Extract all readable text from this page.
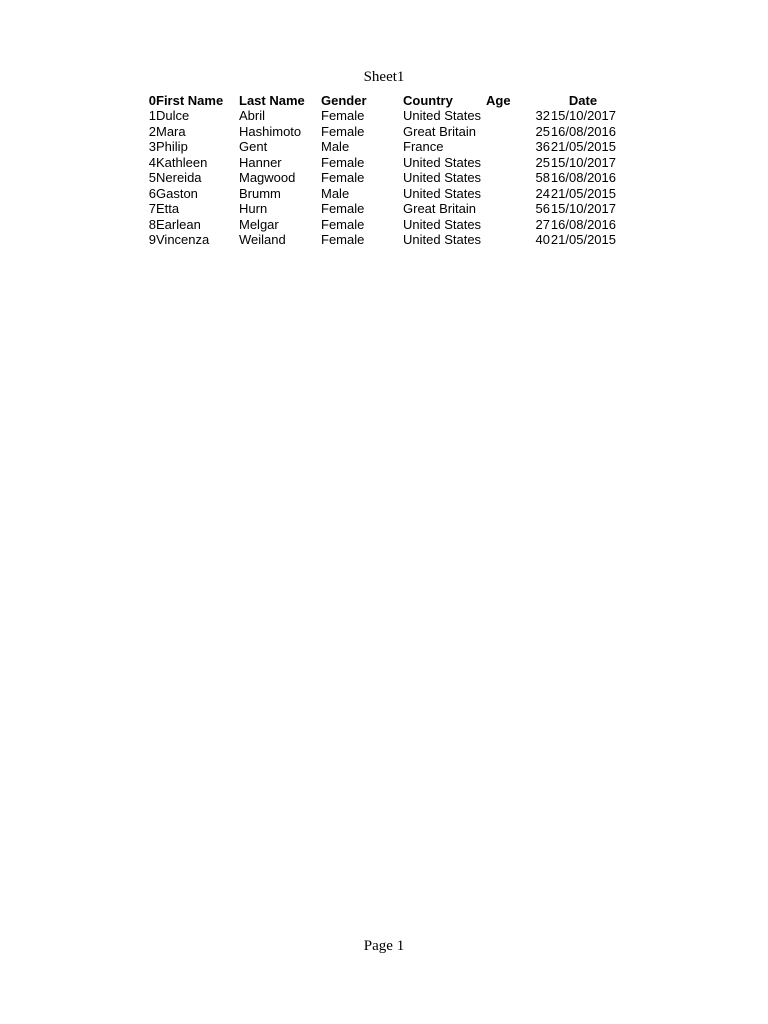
Sheet1
0	First Name	Last Name	Gender	Country	Age	Date
1	Dulce	Abril	Female	United States	32	15/10/2017
2	Mara	Hashimoto	Female	Great Britain	25	16/08/2016
3	Philip	Gent	Male	France	36	21/05/2015
4	Kathleen	Hanner	Female	United States	25	15/10/2017
5	Nereida	Magwood	Female	United States	58	16/08/2016
6	Gaston	Brumm	Male	United States	24	21/05/2015
7	Etta	Hurn	Female	Great Britain	56	15/10/2017
8	Earlean	Melgar	Female	United States	27	16/08/2016
9	Vincenza	Weiland	Female	United States	40	21/05/2015
Page 1
